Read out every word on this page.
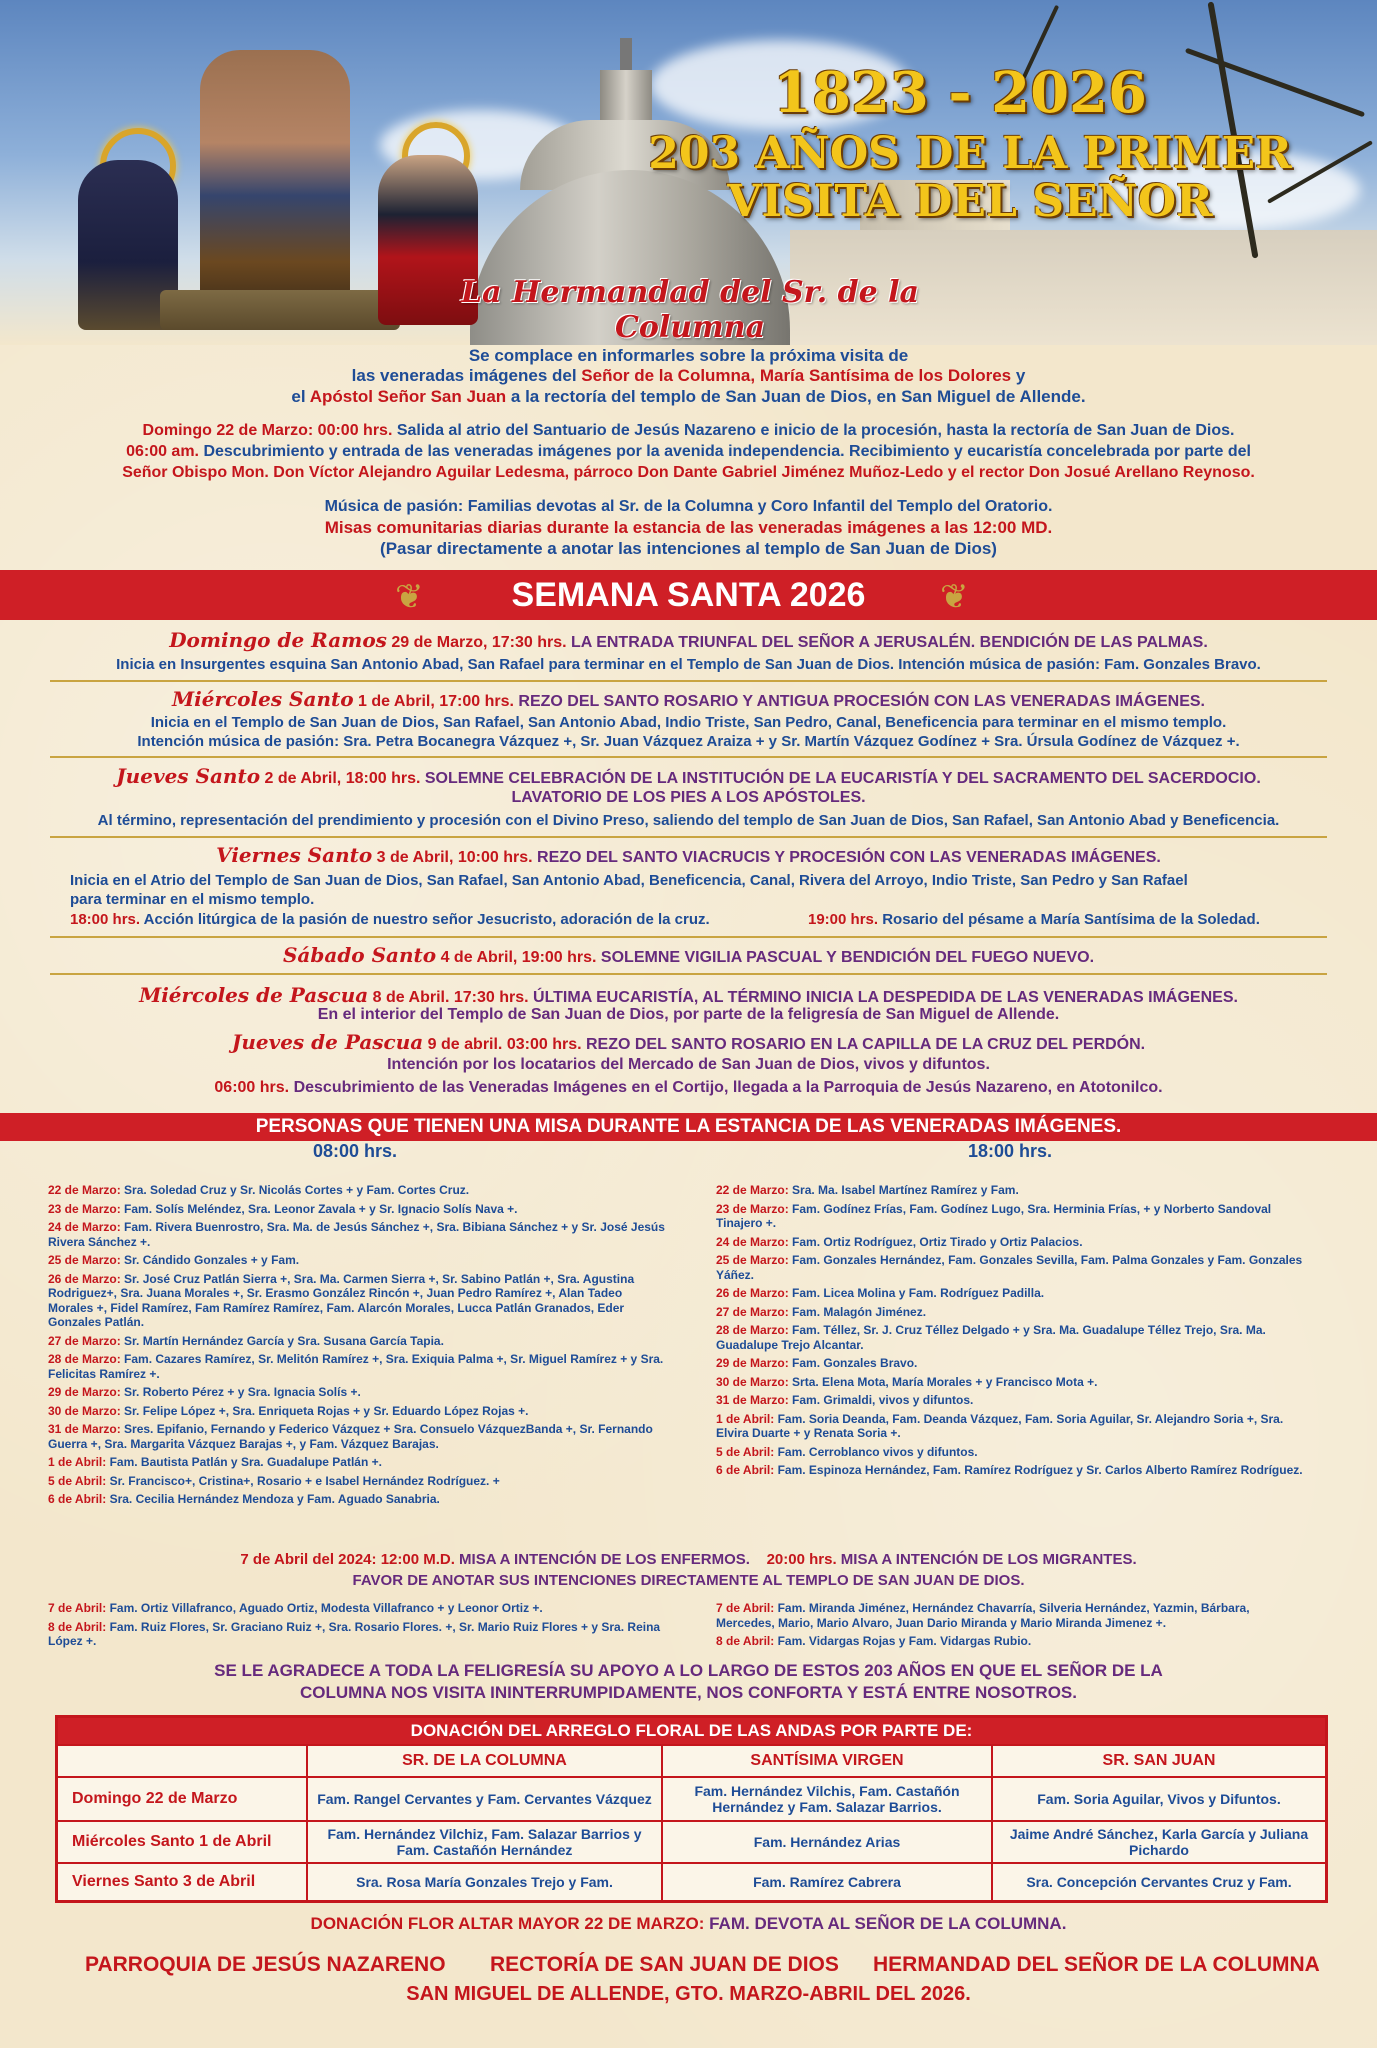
1823 - 2026
203 AÑOS DE LA PRIMER
VISITA DEL SEÑOR
La Hermandad del Sr. de la Columna
Se complace en informarles sobre la próxima visita de
las veneradas imágenes del Señor de la Columna, María Santísima de los Dolores y
el Apóstol Señor San Juan a la rectoría del templo de San Juan de Dios, en San Miguel de Allende.
Domingo 22 de Marzo: 00:00 hrs. Salida al atrio del Santuario de Jesús Nazareno e inicio de la procesión, hasta la rectoría de San Juan de Dios.
06:00 am. Descubrimiento y entrada de las veneradas imágenes por la avenida independencia. Recibimiento y eucaristía concelebrada por parte del
Señor Obispo Mon. Don Víctor Alejandro Aguilar Ledesma, párroco Don Dante Gabriel Jiménez Muñoz-Ledo y el rector Don Josué Arellano Reynoso.
Música de pasión: Familias devotas al Sr. de la Columna y Coro Infantil del Templo del Oratorio.
Misas comunitarias diarias durante la estancia de las veneradas imágenes a las 12:00 MD.
(Pasar directamente a anotar las intenciones al templo de San Juan de Dios)
SEMANA SANTA 2026
❦	❦
Domingo de Ramos 29 de Marzo, 17:30 hrs. LA ENTRADA TRIUNFAL DEL SEÑOR A JERUSALÉN. BENDICIÓN DE LAS PALMAS.
Inicia en Insurgentes esquina San Antonio Abad, San Rafael para terminar en el Templo de San Juan de Dios. Intención música de pasión: Fam. Gonzales Bravo.
Miércoles Santo 1 de Abril, 17:00 hrs. REZO DEL SANTO ROSARIO Y ANTIGUA PROCESIÓN CON LAS VENERADAS IMÁGENES.
Inicia en el Templo de San Juan de Dios, San Rafael, San Antonio Abad, Indio Triste, San Pedro, Canal, Beneficencia para terminar en el mismo templo.
Intención música de pasión: Sra. Petra Bocanegra Vázquez +, Sr. Juan Vázquez Araiza + y Sr. Martín Vázquez Godínez + Sra. Úrsula Godínez de Vázquez +.
Jueves Santo 2 de Abril, 18:00 hrs. SOLEMNE CELEBRACIÓN DE LA INSTITUCIÓN DE LA EUCARISTÍA Y DEL SACRAMENTO DEL SACERDOCIO.
LAVATORIO DE LOS PIES A LOS APÓSTOLES.
Al término, representación del prendimiento y procesión con el Divino Preso, saliendo del templo de San Juan de Dios, San Rafael, San Antonio Abad y Beneficencia.
Viernes Santo 3 de Abril, 10:00 hrs. REZO DEL SANTO VIACRUCIS Y PROCESIÓN CON LAS VENERADAS IMÁGENES.
Inicia en el Atrio del Templo de San Juan de Dios, San Rafael, San Antonio Abad, Beneficencia, Canal, Rivera del Arroyo, Indio Triste, San Pedro y San Rafael
para terminar en el mismo templo.
18:00 hrs. Acción litúrgica de la pasión de nuestro señor Jesucristo, adoración de la cruz.	19:00 hrs. Rosario del pésame a María Santísima de la Soledad.
Sábado Santo 4 de Abril, 19:00 hrs. SOLEMNE VIGILIA PASCUAL Y BENDICIÓN DEL FUEGO NUEVO.
Miércoles de Pascua 8 de Abril. 17:30 hrs. ÚLTIMA EUCARISTÍA, AL TÉRMINO INICIA LA DESPEDIDA DE LAS VENERADAS IMÁGENES.
En el interior del Templo de San Juan de Dios, por parte de la feligresía de San Miguel de Allende.
Jueves de Pascua 9 de abril. 03:00 hrs. REZO DEL SANTO ROSARIO EN LA CAPILLA DE LA CRUZ DEL PERDÓN.
Intención por los locatarios del Mercado de San Juan de Dios, vivos y difuntos.
06:00 hrs. Descubrimiento de las Veneradas Imágenes en el Cortijo, llegada a la Parroquia de Jesús Nazareno, en Atotonilco.
PERSONAS QUE TIENEN UNA MISA DURANTE LA ESTANCIA DE LAS VENERADAS IMÁGENES.
08:00 hrs.	18:00 hrs.
22 de Marzo: Sra. Soledad Cruz y Sr. Nicolás Cortes + y Fam. Cortes Cruz.
23 de Marzo: Fam. Solís Meléndez, Sra. Leonor Zavala + y Sr. Ignacio Solís Nava +.
24 de Marzo: Fam. Rivera Buenrostro, Sra. Ma. de Jesús Sánchez +, Sra. Bibiana Sánchez + y Sr. José Jesús Rivera Sánchez +.
25 de Marzo: Sr. Cándido Gonzales + y Fam.
26 de Marzo: Sr. José Cruz Patlán Sierra +, Sra. Ma. Carmen Sierra +, Sr. Sabino Patlán +, Sra. Agustina Rodriguez+, Sra. Juana Morales +, Sr. Erasmo González Rincón +, Juan Pedro Ramírez +, Alan Tadeo Morales +, Fidel Ramírez, Fam Ramírez Ramírez, Fam. Alarcón Morales, Lucca Patlán Granados, Eder Gonzales Patlán.
27 de Marzo: Sr. Martín Hernández García y Sra. Susana García Tapia.
28 de Marzo: Fam. Cazares Ramírez, Sr. Melitón Ramírez +, Sra. Exiquia Palma +, Sr. Miguel Ramírez + y Sra. Felicitas Ramírez +.
29 de Marzo: Sr. Roberto Pérez + y Sra. Ignacia Solís +.
30 de Marzo: Sr. Felipe López +, Sra. Enriqueta Rojas + y Sr. Eduardo López Rojas +.
31 de Marzo: Sres. Epifanio, Fernando y Federico Vázquez + Sra. Consuelo VázquezBanda +, Sr. Fernando Guerra +, Sra. Margarita Vázquez Barajas +, y Fam. Vázquez Barajas.
1 de Abril: Fam. Bautista Patlán y Sra. Guadalupe Patlán +.
5 de Abril: Sr. Francisco+, Cristina+, Rosario + e Isabel Hernández Rodríguez. +
6 de Abril: Sra. Cecilia Hernández Mendoza y Fam. Aguado Sanabria.
22 de Marzo: Sra. Ma. Isabel Martínez Ramírez y Fam.
23 de Marzo: Fam. Godínez Frías, Fam. Godínez Lugo, Sra. Herminia Frías, + y Norberto Sandoval Tinajero +.
24 de Marzo: Fam. Ortiz Rodríguez, Ortiz Tirado y Ortiz Palacios.
25 de Marzo: Fam. Gonzales Hernández, Fam. Gonzales Sevilla, Fam. Palma Gonzales y Fam. Gonzales Yáñez.
26 de Marzo: Fam. Licea Molina y Fam. Rodríguez Padilla.
27 de Marzo: Fam. Malagón Jiménez.
28 de Marzo: Fam. Téllez, Sr. J. Cruz Téllez Delgado + y Sra. Ma. Guadalupe Téllez Trejo, Sra. Ma. Guadalupe Trejo Alcantar.
29 de Marzo: Fam. Gonzales Bravo.
30 de Marzo: Srta. Elena Mota, María Morales + y Francisco Mota +.
31 de Marzo: Fam. Grimaldi, vivos y difuntos.
1 de Abril: Fam. Soria Deanda, Fam. Deanda Vázquez, Fam. Soria Aguilar, Sr. Alejandro Soria +, Sra. Elvira Duarte + y Renata Soria +.
5 de Abril: Fam. Cerroblanco vivos y difuntos.
6 de Abril: Fam. Espinoza Hernández, Fam. Ramírez Rodríguez y Sr. Carlos Alberto Ramírez Rodríguez.
7 de Abril del 2024: 12:00 M.D. MISA A INTENCIÓN DE LOS ENFERMOS. 20:00 hrs. MISA A INTENCIÓN DE LOS MIGRANTES.
FAVOR DE ANOTAR SUS INTENCIONES DIRECTAMENTE AL TEMPLO DE SAN JUAN DE DIOS.
7 de Abril: Fam. Ortiz Villafranco, Aguado Ortiz, Modesta Villafranco + y Leonor Ortiz +.
8 de Abril: Fam. Ruiz Flores, Sr. Graciano Ruiz +, Sra. Rosario Flores. +, Sr. Mario Ruiz Flores + y Sra. Reina López +.
7 de Abril: Fam. Miranda Jiménez, Hernández Chavarría, Silveria Hernández, Yazmin, Bárbara, Mercedes, Mario, Mario Alvaro, Juan Dario Miranda y Mario Miranda Jimenez +.
8 de Abril: Fam. Vidargas Rojas y Fam. Vidargas Rubio.
SE LE AGRADECE A TODA LA FELIGRESÍA SU APOYO A LO LARGO DE ESTOS 203 AÑOS EN QUE EL SEÑOR DE LA
COLUMNA NOS VISITA ININTERRUMPIDAMENTE, NOS CONFORTA Y ESTÁ ENTRE NOSOTROS.
DONACIÓN DEL ARREGLO FLORAL DE LAS ANDAS POR PARTE DE:			
	SR. DE LA COLUMNA	SANTÍSIMA VIRGEN	SR. SAN JUAN
Domingo 22 de Marzo	Fam. Rangel Cervantes y Fam. Cervantes Vázquez	Fam. Hernández Vilchis, Fam. Castañón Hernández y Fam. Salazar Barrios.	Fam. Soria Aguilar, Vivos y Difuntos.
Miércoles Santo 1 de Abril	Fam. Hernández Vilchiz, Fam. Salazar Barrios y Fam. Castañón Hernández	Fam. Hernández Arias	Jaime André Sánchez, Karla García y Juliana Pichardo
Viernes Santo 3 de Abril	Sra. Rosa María Gonzales Trejo y Fam.	Fam. Ramírez Cabrera	Sra. Concepción Cervantes Cruz y Fam.
DONACIÓN FLOR ALTAR MAYOR 22 DE MARZO: FAM. DEVOTA AL SEÑOR DE LA COLUMNA.
PARROQUIA DE JESÚS NAZARENO RECTORÍA DE SAN JUAN DE DIOS HERMANDAD DEL SEÑOR DE LA COLUMNA
SAN MIGUEL DE ALLENDE, GTO. MARZO-ABRIL DEL 2026.
